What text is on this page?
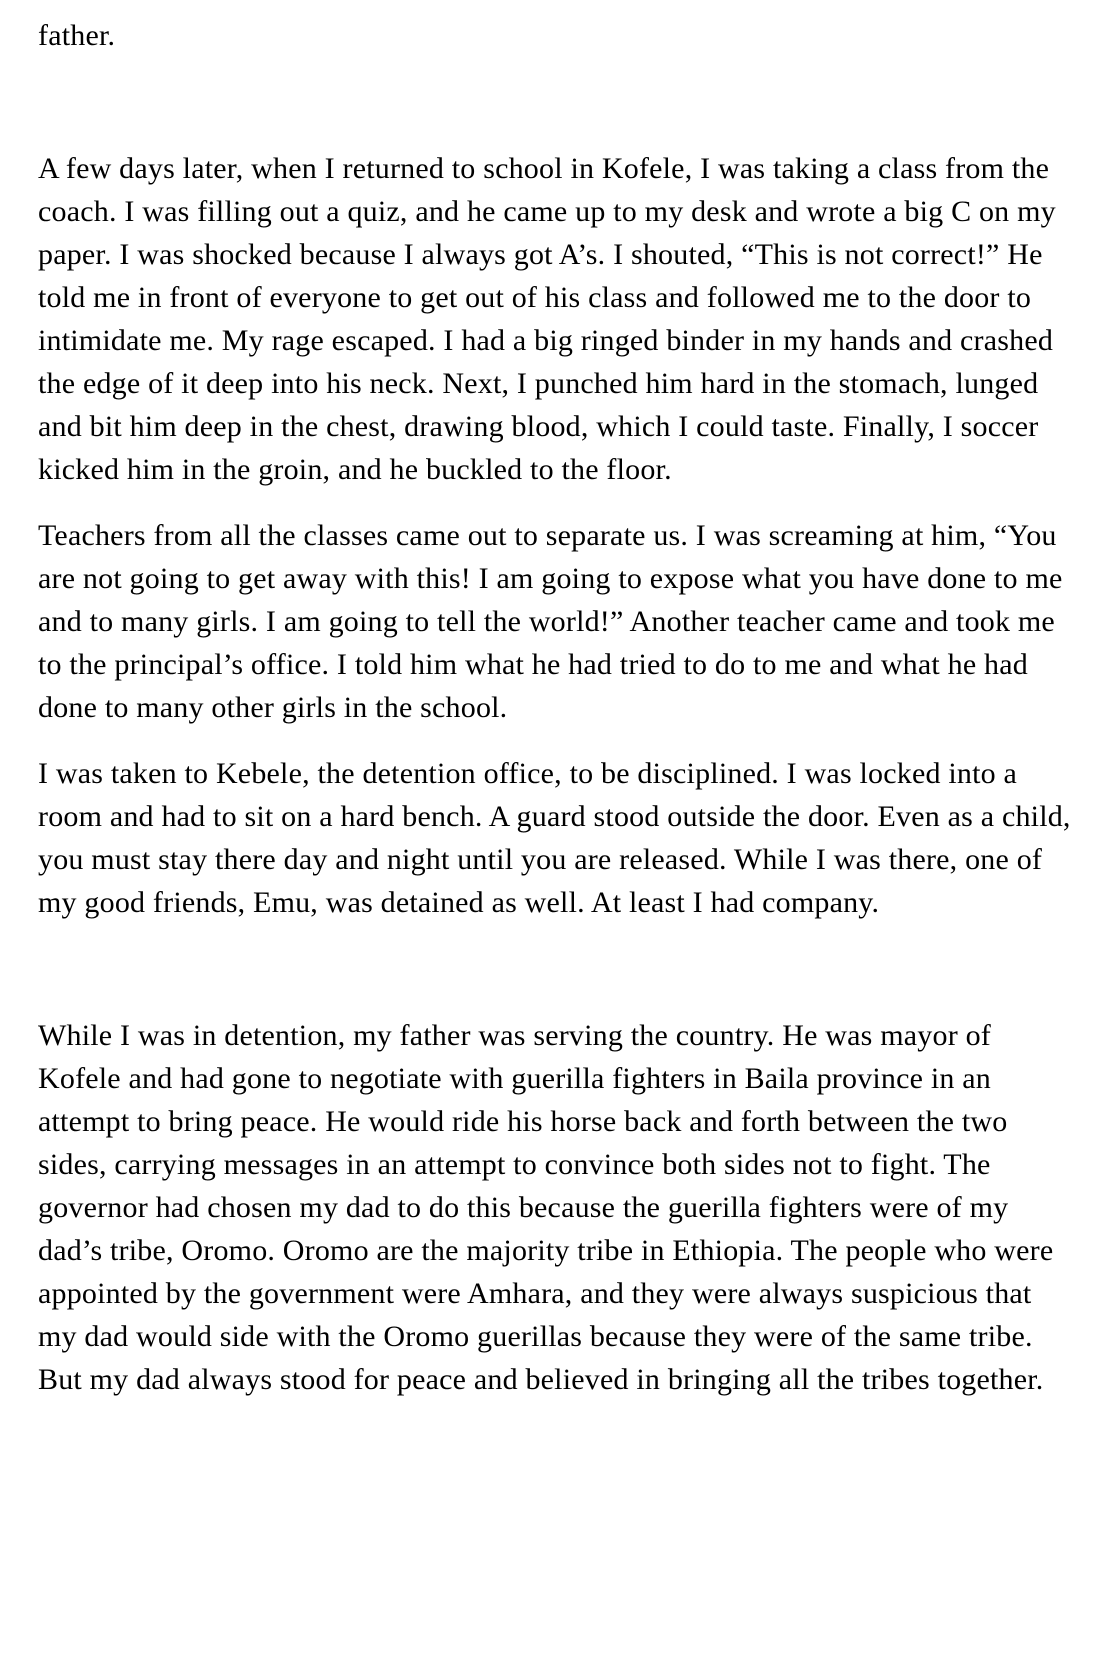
father.

A few days later, when I returned to school in Kofele, I was taking a class from the coach. I was filling out a quiz, and he came up to my desk and wrote a big C on my paper. I was shocked because I always got A’s. I shouted, “This is not correct!” He told me in front of everyone to get out of his class and followed me to the door to intimidate me. My rage escaped. I had a big ringed binder in my hands and crashed the edge of it deep into his neck. Next, I punched him hard in the stomach, lunged and bit him deep in the chest, drawing blood, which I could taste. Finally, I soccer kicked him in the groin, and he buckled to the floor.

Teachers from all the classes came out to separate us. I was screaming at him, “You are not going to get away with this! I am going to expose what you have done to me and to many girls. I am going to tell the world!” Another teacher came and took me to the principal’s office. I told him what he had tried to do to me and what he had done to many other girls in the school.

I was taken to Kebele, the detention office, to be disciplined. I was locked into a room and had to sit on a hard bench. A guard stood outside the door. Even as a child, you must stay there day and night until you are released. While I was there, one of my good friends, Emu, was detained as well. At least I had company.

While I was in detention, my father was serving the country. He was mayor of Kofele and had gone to negotiate with guerilla fighters in Baila province in an attempt to bring peace. He would ride his horse back and forth between the two sides, carrying messages in an attempt to convince both sides not to fight. The governor had chosen my dad to do this because the guerilla fighters were of my dad’s tribe, Oromo. Oromo are the majority tribe in Ethiopia. The people who were appointed by the government were Amhara, and they were always suspicious that my dad would side with the Oromo guerillas because they were of the same tribe. But my dad always stood for peace and believed in bringing all the tribes together.
